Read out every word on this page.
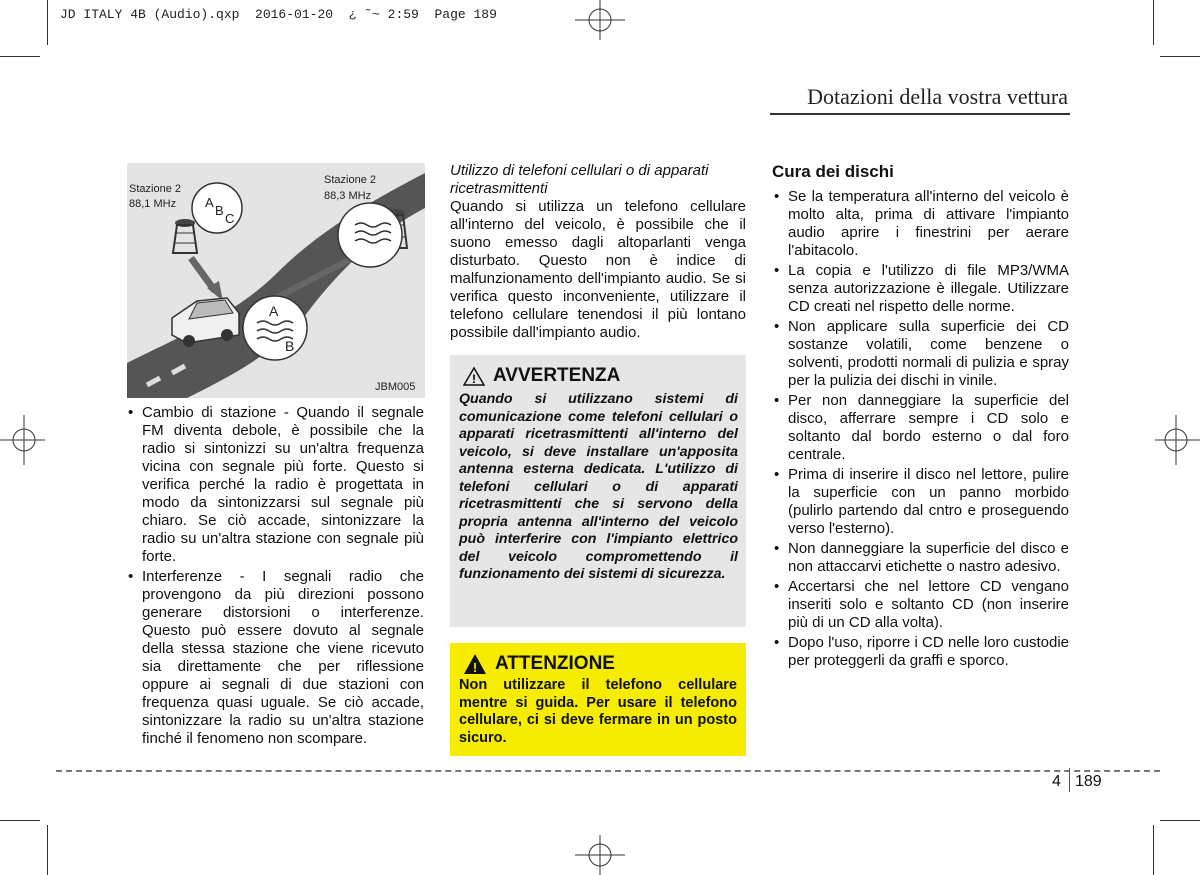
JD ITALY 4B (Audio).qxp  2016-01-20  ¿ ˜~ 2:59  Page 189
Dotazioni della vostra vettura
Stazione 2
88,1 MHz
Stazione 2
88,3 MHz
A
B
C
A
B
JBM005
• Cambio di stazione - Quando il segnale FM diventa debole, è possibile che la radio si sintonizzi su un'altra frequenza vicina con segnale più forte. Questo si verifica perché la radio è progettata in modo da sintonizzarsi sul segnale più chiaro. Se ciò accade, sintonizzare la radio su un'altra stazione con segnale più forte.
• Interferenze - I segnali radio che provengono da più direzioni possono generare distorsioni o interferenze. Questo può essere dovuto al segnale della stessa stazione che viene ricevuto sia direttamente che per riflessione oppure ai segnali di due stazioni con frequenza quasi uguale. Se ciò accade, sintonizzare la radio su un'altra stazione finché il fenomeno non scompare.

Utilizzo di telefoni cellulari o di apparati ricetrasmittenti

Quando si utilizza un telefono cellulare all'interno del veicolo, è possibile che il suono emesso dagli altoparlanti venga disturbato. Questo non è indice di malfunzionamento dell'impianto audio. Se si verifica questo inconveniente, utilizzare il telefono cellulare tenendosi il più lontano possibile dall'impianto audio.

! AVVERTENZA

Quando si utilizzano sistemi di comunicazione come telefoni cellulari o apparati ricetrasmittenti all'interno del veicolo, si deve installare un'apposita antenna esterna dedicata. L'utilizzo di telefoni cellulari o di apparati ricetrasmittenti che si servono della propria antenna all'interno del veicolo può interferire con l'impianto elettrico del veicolo compromettendo il funzionamento dei sistemi di sicurezza.

! ATTENZIONE

Non utilizzare il telefono cellulare mentre si guida. Per usare il telefono cellulare, ci si deve fermare in un posto sicuro.

Cura dei dischi

• Se la temperatura all'interno del veicolo è molto alta, prima di attivare l'impianto audio aprire i finestrini per aerare l'abitacolo.
• La copia e l'utilizzo di file MP3/WMA senza autorizzazione è illegale. Utilizzare CD creati nel rispetto delle norme.
• Non applicare sulla superficie dei CD sostanze volatili, come benzene o solventi, prodotti normali di pulizia e spray per la pulizia dei dischi in vinile.
• Per non danneggiare la superficie del disco, afferrare sempre i CD solo e soltanto dal bordo esterno o dal foro centrale.
• Prima di inserire il disco nel lettore, pulire la superficie con un panno morbido (pulirlo partendo dal cntro e proseguendo verso l'esterno).
• Non danneggiare la superficie del disco e non attaccarvi etichette o nastro adesivo.
• Accertarsi che nel lettore CD vengano inseriti solo e soltanto CD (non inserire più di un CD alla volta).
• Dopo l'uso, riporre i CD nelle loro custodie per proteggerli da graffi e sporco.
4 189
